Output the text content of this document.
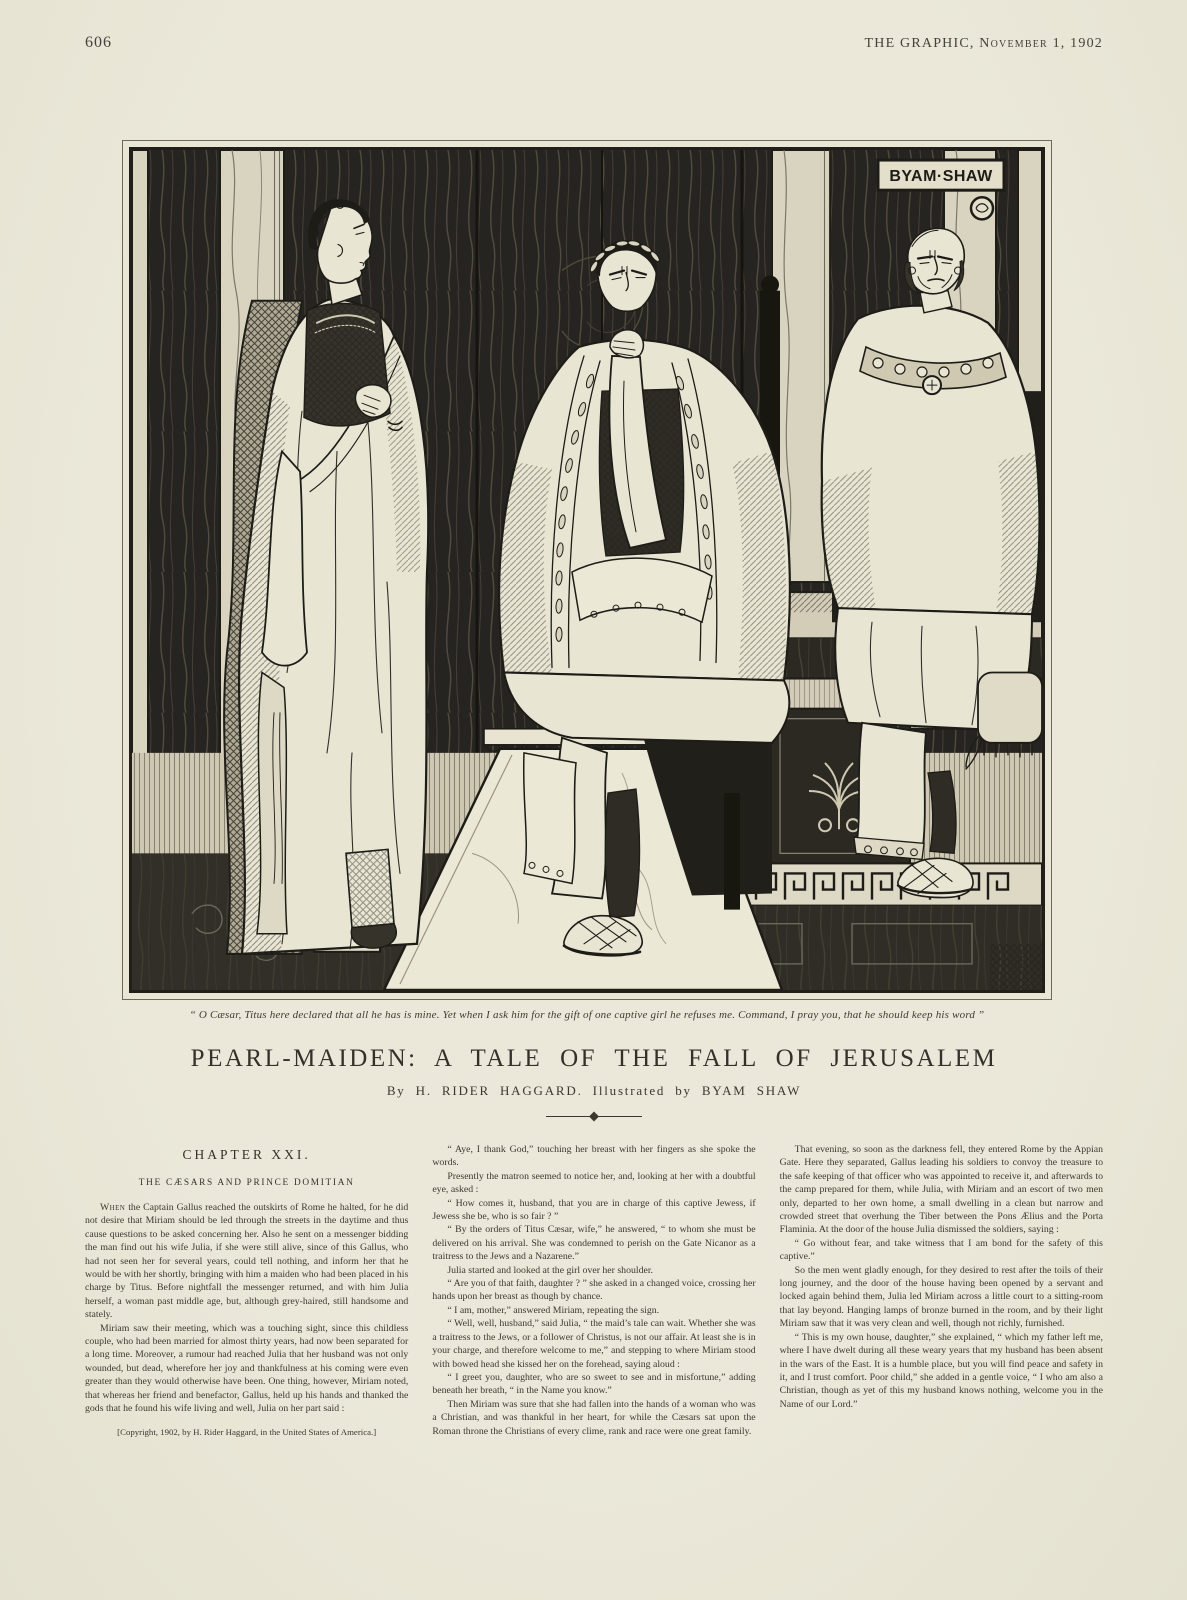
606	THE GRAPHIC, November 1, 1902
BYAM·SHAW
“ O Cæsar, Titus here declared that all he has is mine. Yet when I ask him for the gift of one captive girl he refuses me. Command, I pray you, that he should keep his word ”
PEARL-MAIDEN: A TALE OF THE FALL OF JERUSALEM
By H. RIDER HAGGARD. Illustrated by BYAM SHAW
CHAPTER XXI.
THE CÆSARS AND PRINCE DOMITIAN

When the Captain Gallus reached the outskirts of Rome he halted, for he did not desire that Miriam should be led through the streets in the daytime and thus cause questions to be asked concerning her. Also he sent on a messenger bidding the man find out his wife Julia, if she were still alive, since of this Gallus, who had not seen her for several years, could tell nothing, and inform her that he would be with her shortly, bringing with him a maiden who had been placed in his charge by Titus. Before nightfall the messenger returned, and with him Julia herself, a woman past middle age, but, although grey-haired, still handsome and stately.

Miriam saw their meeting, which was a touching sight, since this childless couple, who had been married for almost thirty years, had now been separated for a long time. Moreover, a rumour had reached Julia that her husband was not only wounded, but dead, wherefore her joy and thankfulness at his coming were even greater than they would otherwise have been. One thing, however, Miriam noted, that whereas her friend and benefactor, Gallus, held up his hands and thanked the gods that he found his wife living and well, Julia on her part said :

[Copyright, 1902, by H. Rider Haggard, in the United States of America.]

“ Aye, I thank God,” touching her breast with her fingers as she spoke the words.

Presently the matron seemed to notice her, and, looking at her with a doubtful eye, asked :

“ How comes it, husband, that you are in charge of this captive Jewess, if Jewess she be, who is so fair ? ”

“ By the orders of Titus Cæsar, wife,” he answered, “ to whom she must be delivered on his arrival. She was condemned to perish on the Gate Nicanor as a traitress to the Jews and a Nazarene.”

Julia started and looked at the girl over her shoulder.

“ Are you of that faith, daughter ? ” she asked in a changed voice, crossing her hands upon her breast as though by chance.

“ I am, mother,” answered Miriam, repeating the sign.

“ Well, well, husband,” said Julia, “ the maid’s tale can wait. Whether she was a traitress to the Jews, or a follower of Christus, is not our affair. At least she is in your charge, and therefore welcome to me,” and stepping to where Miriam stood with bowed head she kissed her on the forehead, saying aloud :

“ I greet you, daughter, who are so sweet to see and in misfortune,” adding beneath her breath, “ in the Name you know.”

Then Miriam was sure that she had fallen into the hands of a woman who was a Christian, and was thankful in her heart, for while the Cæsars sat upon the Roman throne the Christians of every clime, rank and race were one great family.

That evening, so soon as the darkness fell, they entered Rome by the Appian Gate. Here they separated, Gallus leading his soldiers to convoy the treasure to the safe keeping of that officer who was appointed to receive it, and afterwards to the camp prepared for them, while Julia, with Miriam and an escort of two men only, departed to her own home, a small dwelling in a clean but narrow and crowded street that overhung the Tiber between the Pons Ælius and the Porta Flaminia. At the door of the house Julia dismissed the soldiers, saying :

“ Go without fear, and take witness that I am bond for the safety of this captive.”

So the men went gladly enough, for they desired to rest after the toils of their long journey, and the door of the house having been opened by a servant and locked again behind them, Julia led Miriam across a little court to a sitting-room that lay beyond. Hanging lamps of bronze burned in the room, and by their light Miriam saw that it was very clean and well, though not richly, furnished.

“ This is my own house, daughter,” she explained, “ which my father left me, where I have dwelt during all these weary years that my husband has been absent in the wars of the East. It is a humble place, but you will find peace and safety in it, and I trust comfort. Poor child,” she added in a gentle voice, “ I who am also a Christian, though as yet of this my husband knows nothing, welcome you in the Name of our Lord.”
